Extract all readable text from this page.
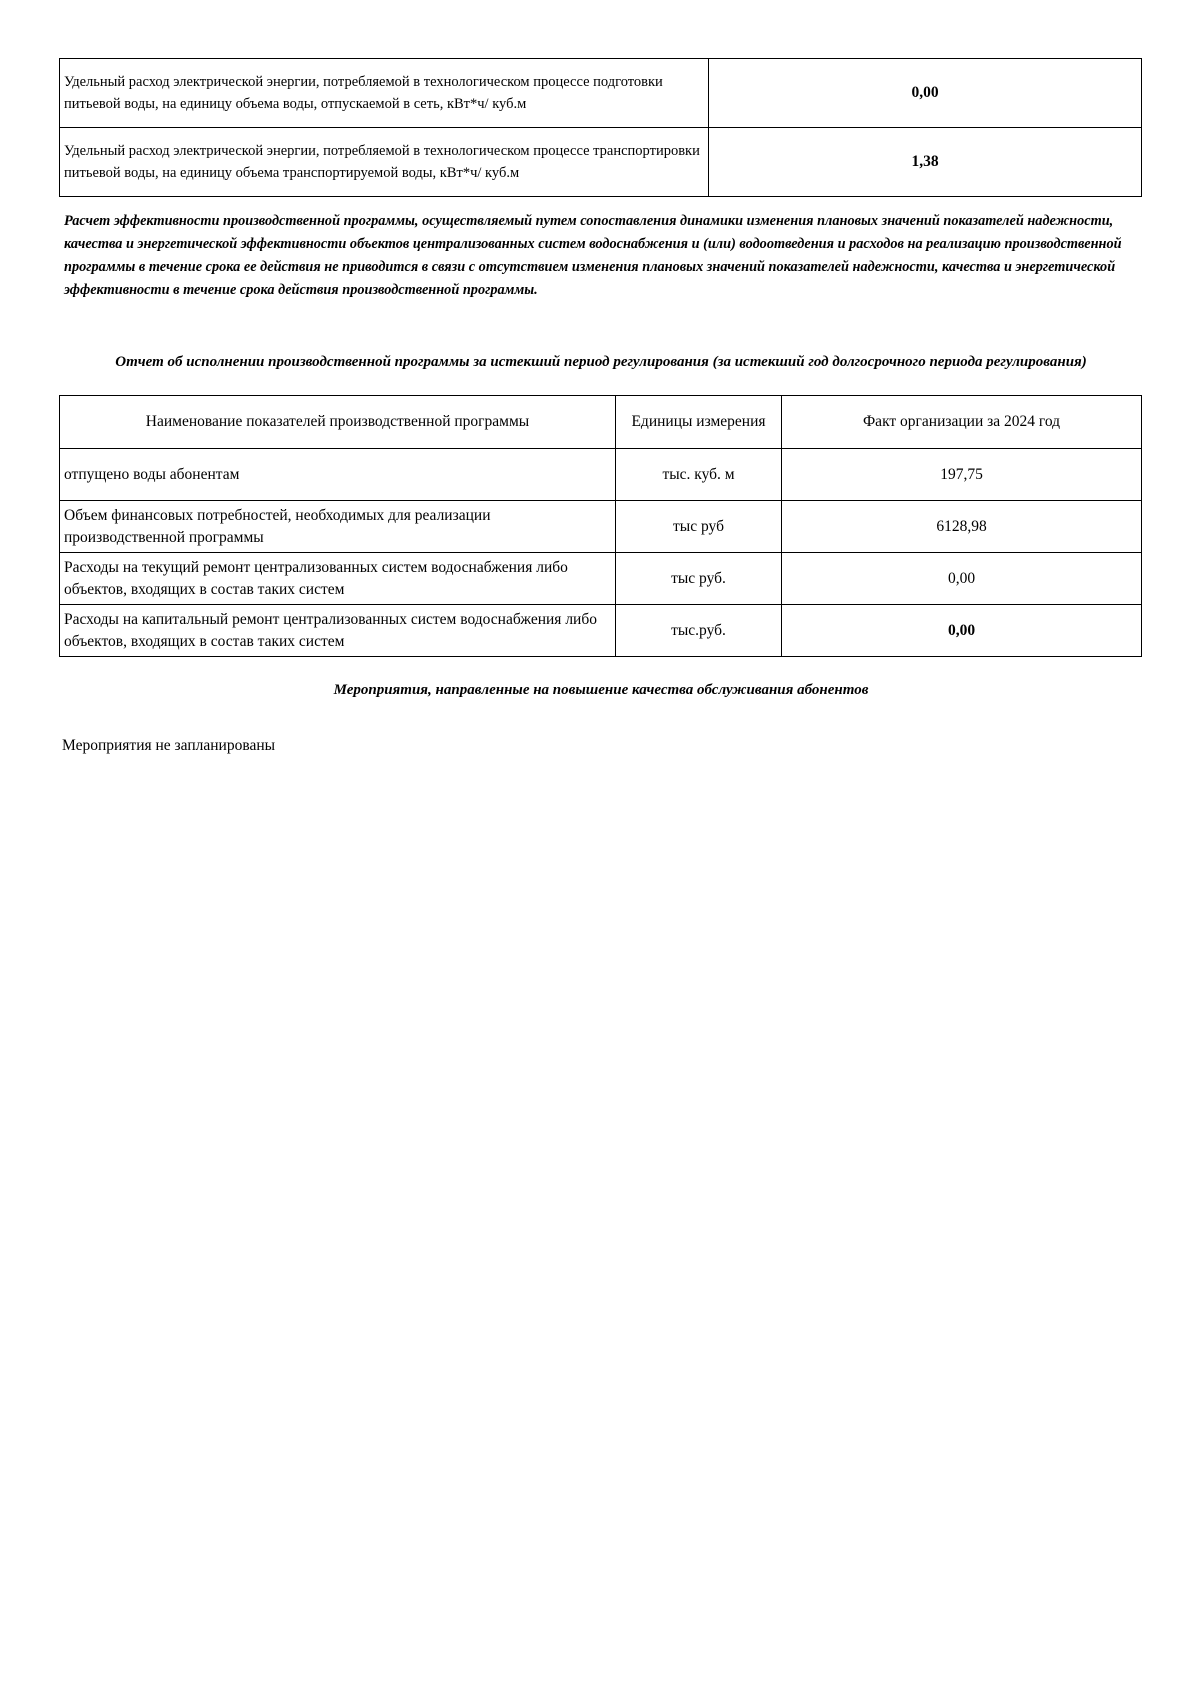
Удельный расход электрической энергии, потребляемой в технологическом процессе подготовки питьевой воды, на единицу объема воды, отпускаемой в сеть, кВт*ч/ куб.м	0,00
Удельный расход электрической энергии, потребляемой в технологическом процессе транспортировки питьевой воды, на единицу объема транспортируемой воды, кВт*ч/ куб.м	1,38

Расчет эффективности производственной программы, осуществляемый путем сопоставления динамики изменения плановых значений показателей надежности, качества и энергетической эффективности объектов централизованных систем водоснабжения и (или) водоотведения и расходов на реализацию производственной программы в течение срока ее действия не приводится в связи с отсутствием изменения плановых значений показателей надежности, качества и энергетической эффективности в течение срока действия производственной программы.

Отчет об исполнении производственной программы за истекший период регулирования (за истекший год долгосрочного периода регулирования)

Наименование показателей производственной программы	Единицы измерения	Факт организации за 2024 год
отпущено воды абонентам	тыс. куб. м	197,75
Объем финансовых потребностей, необходимых для реализации производственной программы	тыс руб	6128,98
Расходы на текущий ремонт централизованных систем водоснабжения либо объектов, входящих в состав таких систем	тыс руб.	0,00
Расходы на капитальный ремонт централизованных систем водоснабжения либо объектов, входящих в состав таких систем	тыс.руб.	0,00

Мероприятия, направленные на повышение качества обслуживания абонентов

Мероприятия не запланированы
